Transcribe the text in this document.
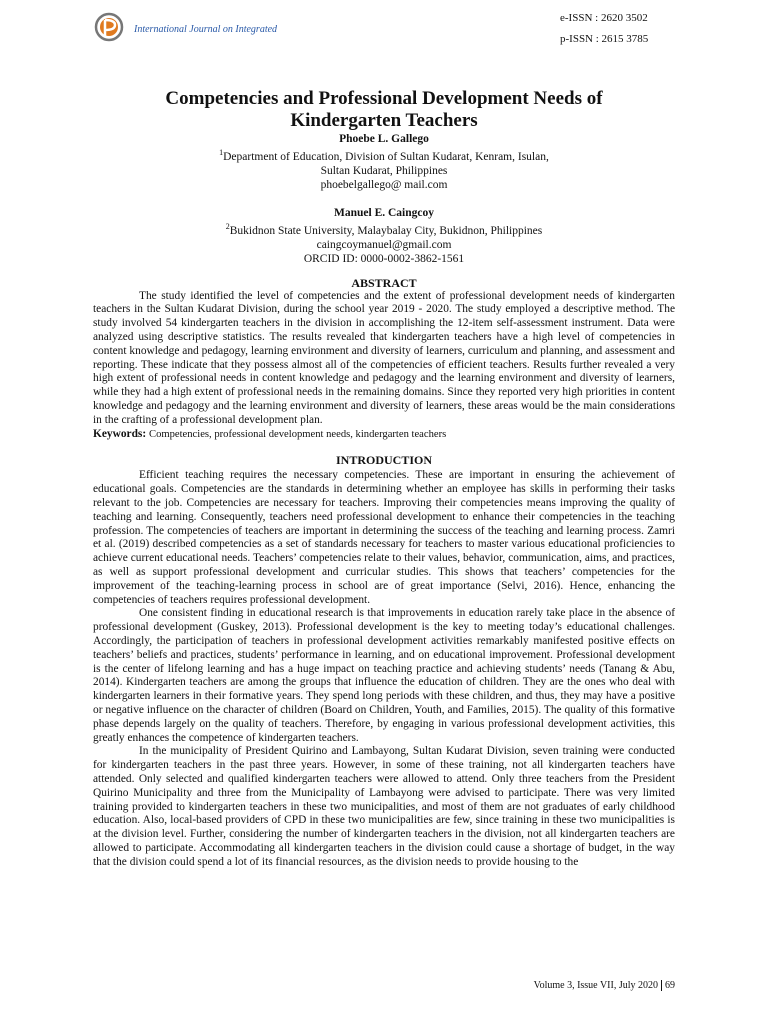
International Journal on Integrated
e-ISSN : 2620 3502
p-ISSN : 2615 3785
Competencies and Professional Development Needs of
Kindergarten Teachers
Phoebe L. Gallego
$^1$Department of Education, Division of Sultan Kudarat, Kenram, Isulan,
Sultan Kudarat, Philippines
phoebelgallego@ mail.com
Manuel E. Caingcoy
$^2$Bukidnon State University, Malaybalay City, Bukidnon, Philippines
caingcoymanuel@gmail.com
ORCID ID: 0000-0002-3862-1561
ABSTRACT

The study identified the level of competencies and the extent of professional development needs of kindergarten teachers in the Sultan Kudarat Division, during the school year 2019 - 2020. The study employed a descriptive method. The study involved 54 kindergarten teachers in the division in accomplishing the 12-item self-assessment instrument. Data were analyzed using descriptive statistics. The results revealed that kindergarten teachers have a high level of competencies in content knowledge and pedagogy, learning environment and diversity of learners, curriculum and planning, and assessment and reporting. These indicate that they possess almost all of the competencies of efficient teachers. Results further revealed a very high extent of professional needs in content knowledge and pedagogy and the learning environment and diversity of learners, while they had a high extent of professional needs in the remaining domains. Since they reported very high priorities in content knowledge and pedagogy and the learning environment and diversity of learners, these areas would be the main considerations in the crafting of a professional development plan.

Keywords: Competencies, professional development needs, kindergarten teachers

INTRODUCTION

Efficient teaching requires the necessary competencies. These are important in ensuring the achievement of educational goals. Competencies are the standards in determining whether an employee has skills in performing their tasks relevant to the job. Competencies are necessary for teachers. Improving their competencies means improving the quality of teaching and learning. Consequently, teachers need professional development to enhance their competencies in the teaching profession. The competencies of teachers are important in determining the success of the teaching and learning process. Zamri et al. (2019) described competencies as a set of standards necessary for teachers to master various educational proficiencies to achieve current educational needs. Teachers’ competencies relate to their values, behavior, communication, aims, and practices, as well as support professional development and curricular studies. This shows that teachers’ competencies for the improvement of the teaching-learning process in school are of great importance (Selvi, 2016). Hence, enhancing the competencies of teachers requires professional development.

One consistent finding in educational research is that improvements in education rarely take place in the absence of professional development (Guskey, 2013). Professional development is the key to meeting today’s educational challenges. Accordingly, the participation of teachers in professional development activities remarkably manifested positive effects on teachers’ beliefs and practices, students’ performance in learning, and on educational improvement. Professional development is the center of lifelong learning and has a huge impact on teaching practice and achieving students’ needs (Tanang & Abu, 2014). Kindergarten teachers are among the groups that influence the education of children. They are the ones who deal with kindergarten learners in their formative years. They spend long periods with these children, and thus, they may have a positive or negative influence on the character of children (Board on Children, Youth, and Families, 2015). The quality of this formative phase depends largely on the quality of teachers. Therefore, by engaging in various professional development activities, this greatly enhances the competence of kindergarten teachers.

In the municipality of President Quirino and Lambayong, Sultan Kudarat Division, seven training were conducted for kindergarten teachers in the past three years. However, in some of these training, not all kindergarten teachers have attended. Only selected and qualified kindergarten teachers were allowed to attend. Only three teachers from the President Quirino Municipality and three from the Municipality of Lambayong were advised to participate. There was very limited training provided to kindergarten teachers in these two municipalities, and most of them are not graduates of early childhood education. Also, local-based providers of CPD in these two municipalities are few, since training in these two municipalities is at the division level. Further, considering the number of kindergarten teachers in the division, not all kindergarten teachers are allowed to participate. Accommodating all kindergarten teachers in the division could cause a shortage of budget, in the way that the division could spend a lot of its financial resources, as the division needs to provide housing to the

Volume 3, Issue VII, July 2020 69
